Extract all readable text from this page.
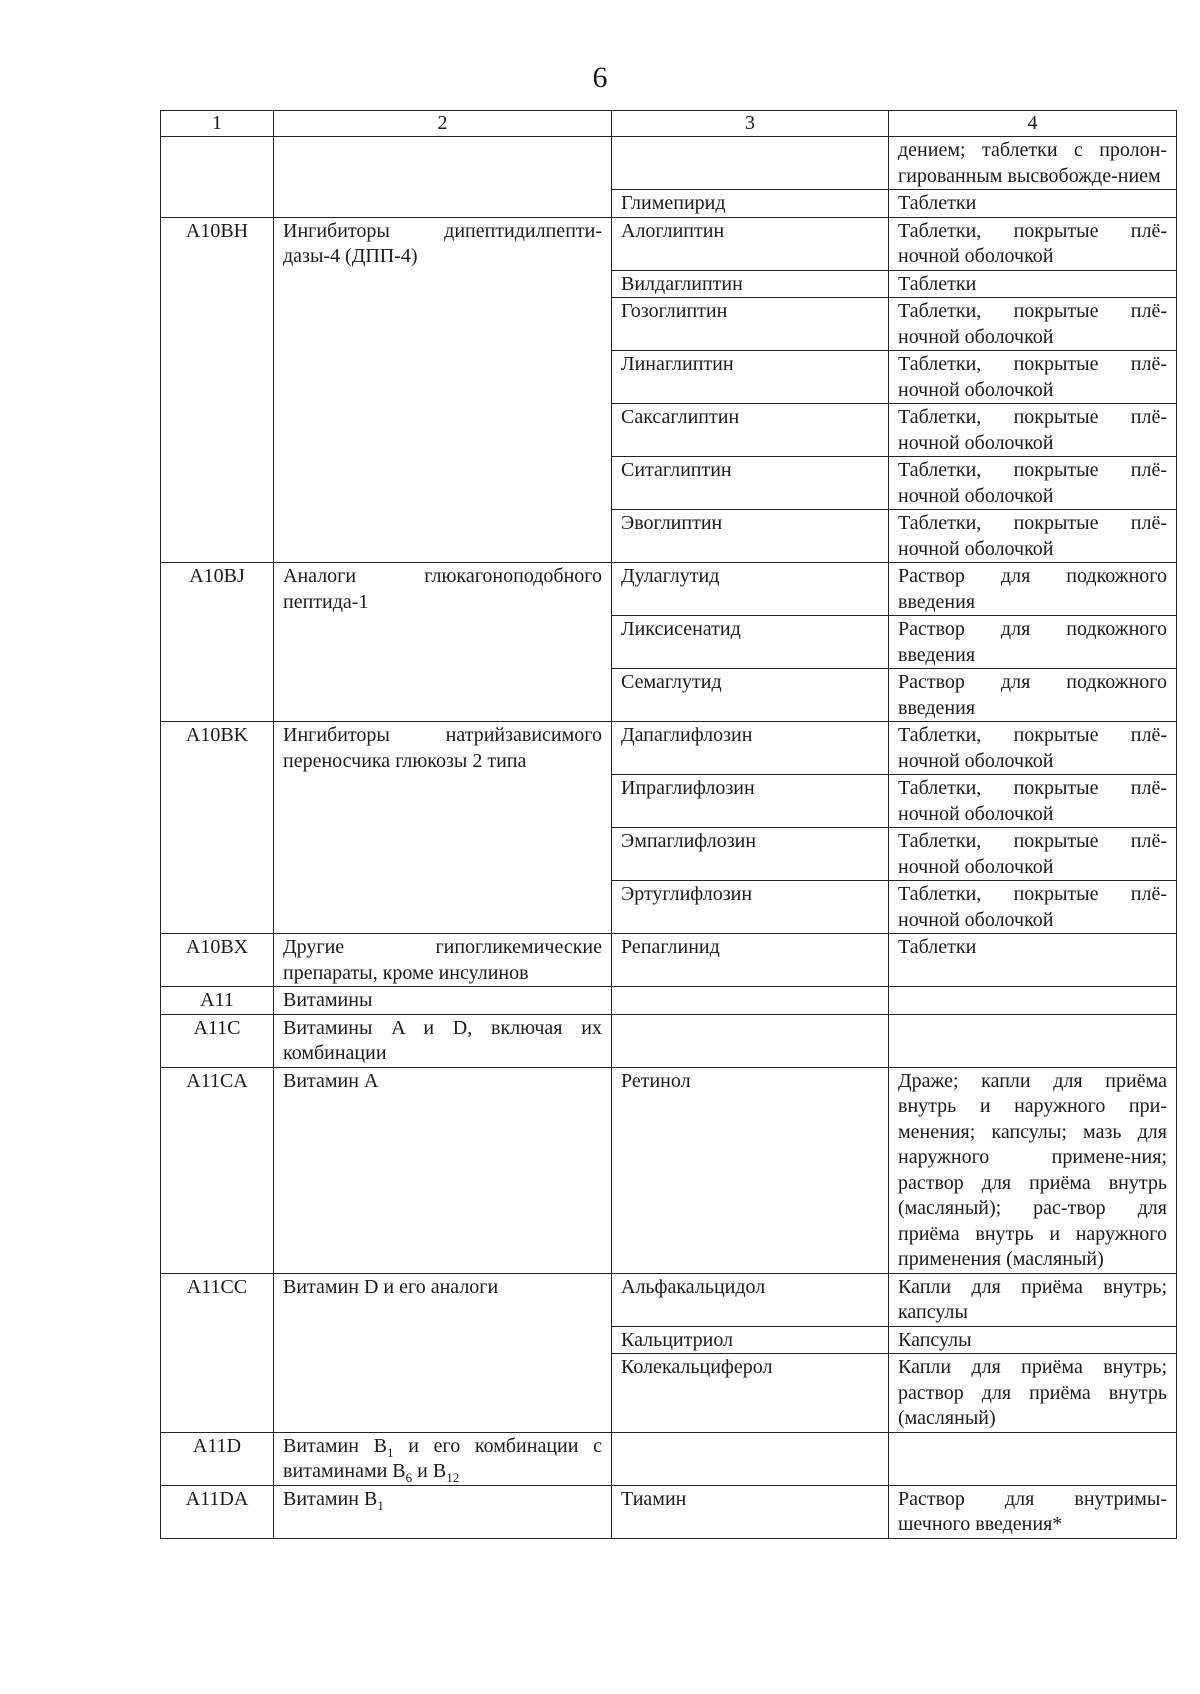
6
1	2	3	4
			дением; таблетки с пролон-гированным высвобожде-нием
		Глимепирид	Таблетки
A10BH	Ингибиторы дипептидилпепти-дазы-4 (ДПП-4)	Алоглиптин	Таблетки, покрытые плё-ночной оболочкой
		Вилдаглиптин	Таблетки
		Гозоглиптин	Таблетки, покрытые плё-ночной оболочкой
		Линаглиптин	Таблетки, покрытые плё-ночной оболочкой
		Саксаглиптин	Таблетки, покрытые плё-ночной оболочкой
		Ситаглиптин	Таблетки, покрытые плё-ночной оболочкой
		Эвоглиптин	Таблетки, покрытые плё-ночной оболочкой
A10BJ	Аналоги глюкагоноподобного пептида-1	Дулаглутид	Раствор для подкожного введения
		Ликсисенатид	Раствор для подкожного введения
		Семаглутид	Раствор для подкожного введения
A10BK	Ингибиторы натрийзависимого переносчика глюкозы 2 типа	Дапаглифлозин	Таблетки, покрытые плё-ночной оболочкой
		Ипраглифлозин	Таблетки, покрытые плё-ночной оболочкой
		Эмпаглифлозин	Таблетки, покрытые плё-ночной оболочкой
		Эртуглифлозин	Таблетки, покрытые плё-ночной оболочкой
A10BX	Другие гипогликемические препараты, кроме инсулинов	Репаглинид	Таблетки
A11	Витамины		
A11C	Витамины A и D, включая их комбинации		
A11CA	Витамин A	Ретинол	Драже; капли для приёма внутрь и наружного при-менения; капсулы; мазь для наружного примене-ния; раствор для приёма внутрь (масляный); рас-твор для приёма внутрь и наружного применения (масляный)
A11CC	Витамин D и его аналоги	Альфакальцидол	Капли для приёма внутрь; капсулы
		Кальцитриол	Капсулы
		Колекальциферол	Капли для приёма внутрь; раствор для приёма внутрь (масляный)
A11D	Витамин $B_1$ и его комбинации с витаминами $B_6$ и $B_{12}$		
A11DA	Витамин $B_1$	Тиамин	Раствор для внутримы-шечного введения*
